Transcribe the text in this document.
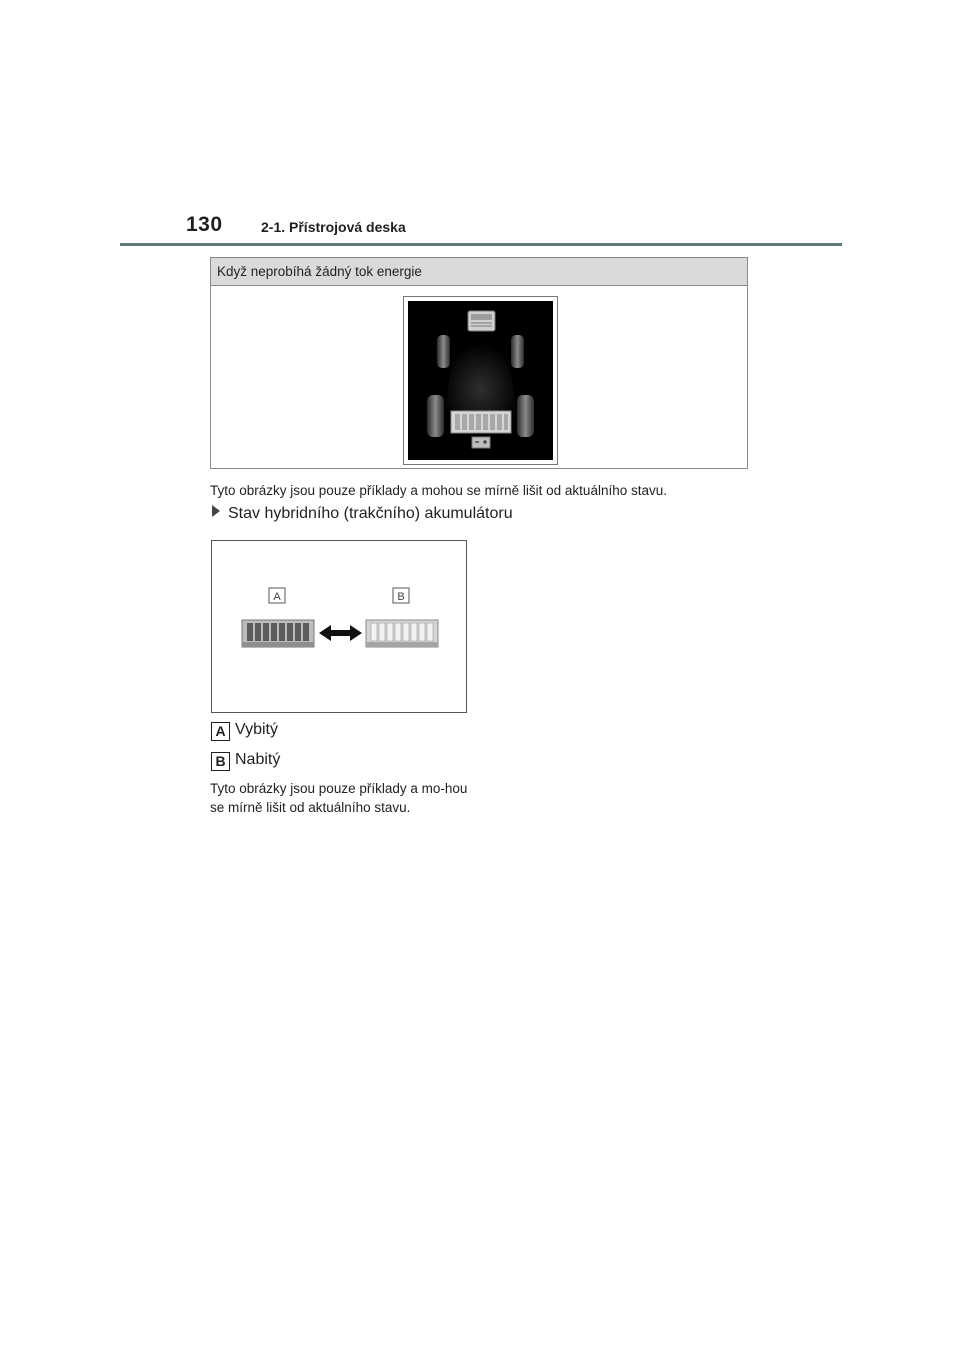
130	2-1. Přístrojová deska
Když neprobíhá žádný tok energie
Tyto obrázky jsou pouze příklady a mohou se mírně lišit od aktuálního stavu.
Stav hybridního (trakčního) akumulátoru
A	B
A Vybitý
B Nabitý
Tyto obrázky jsou pouze příklady a mo-hou se mírně lišit od aktuálního stavu.
